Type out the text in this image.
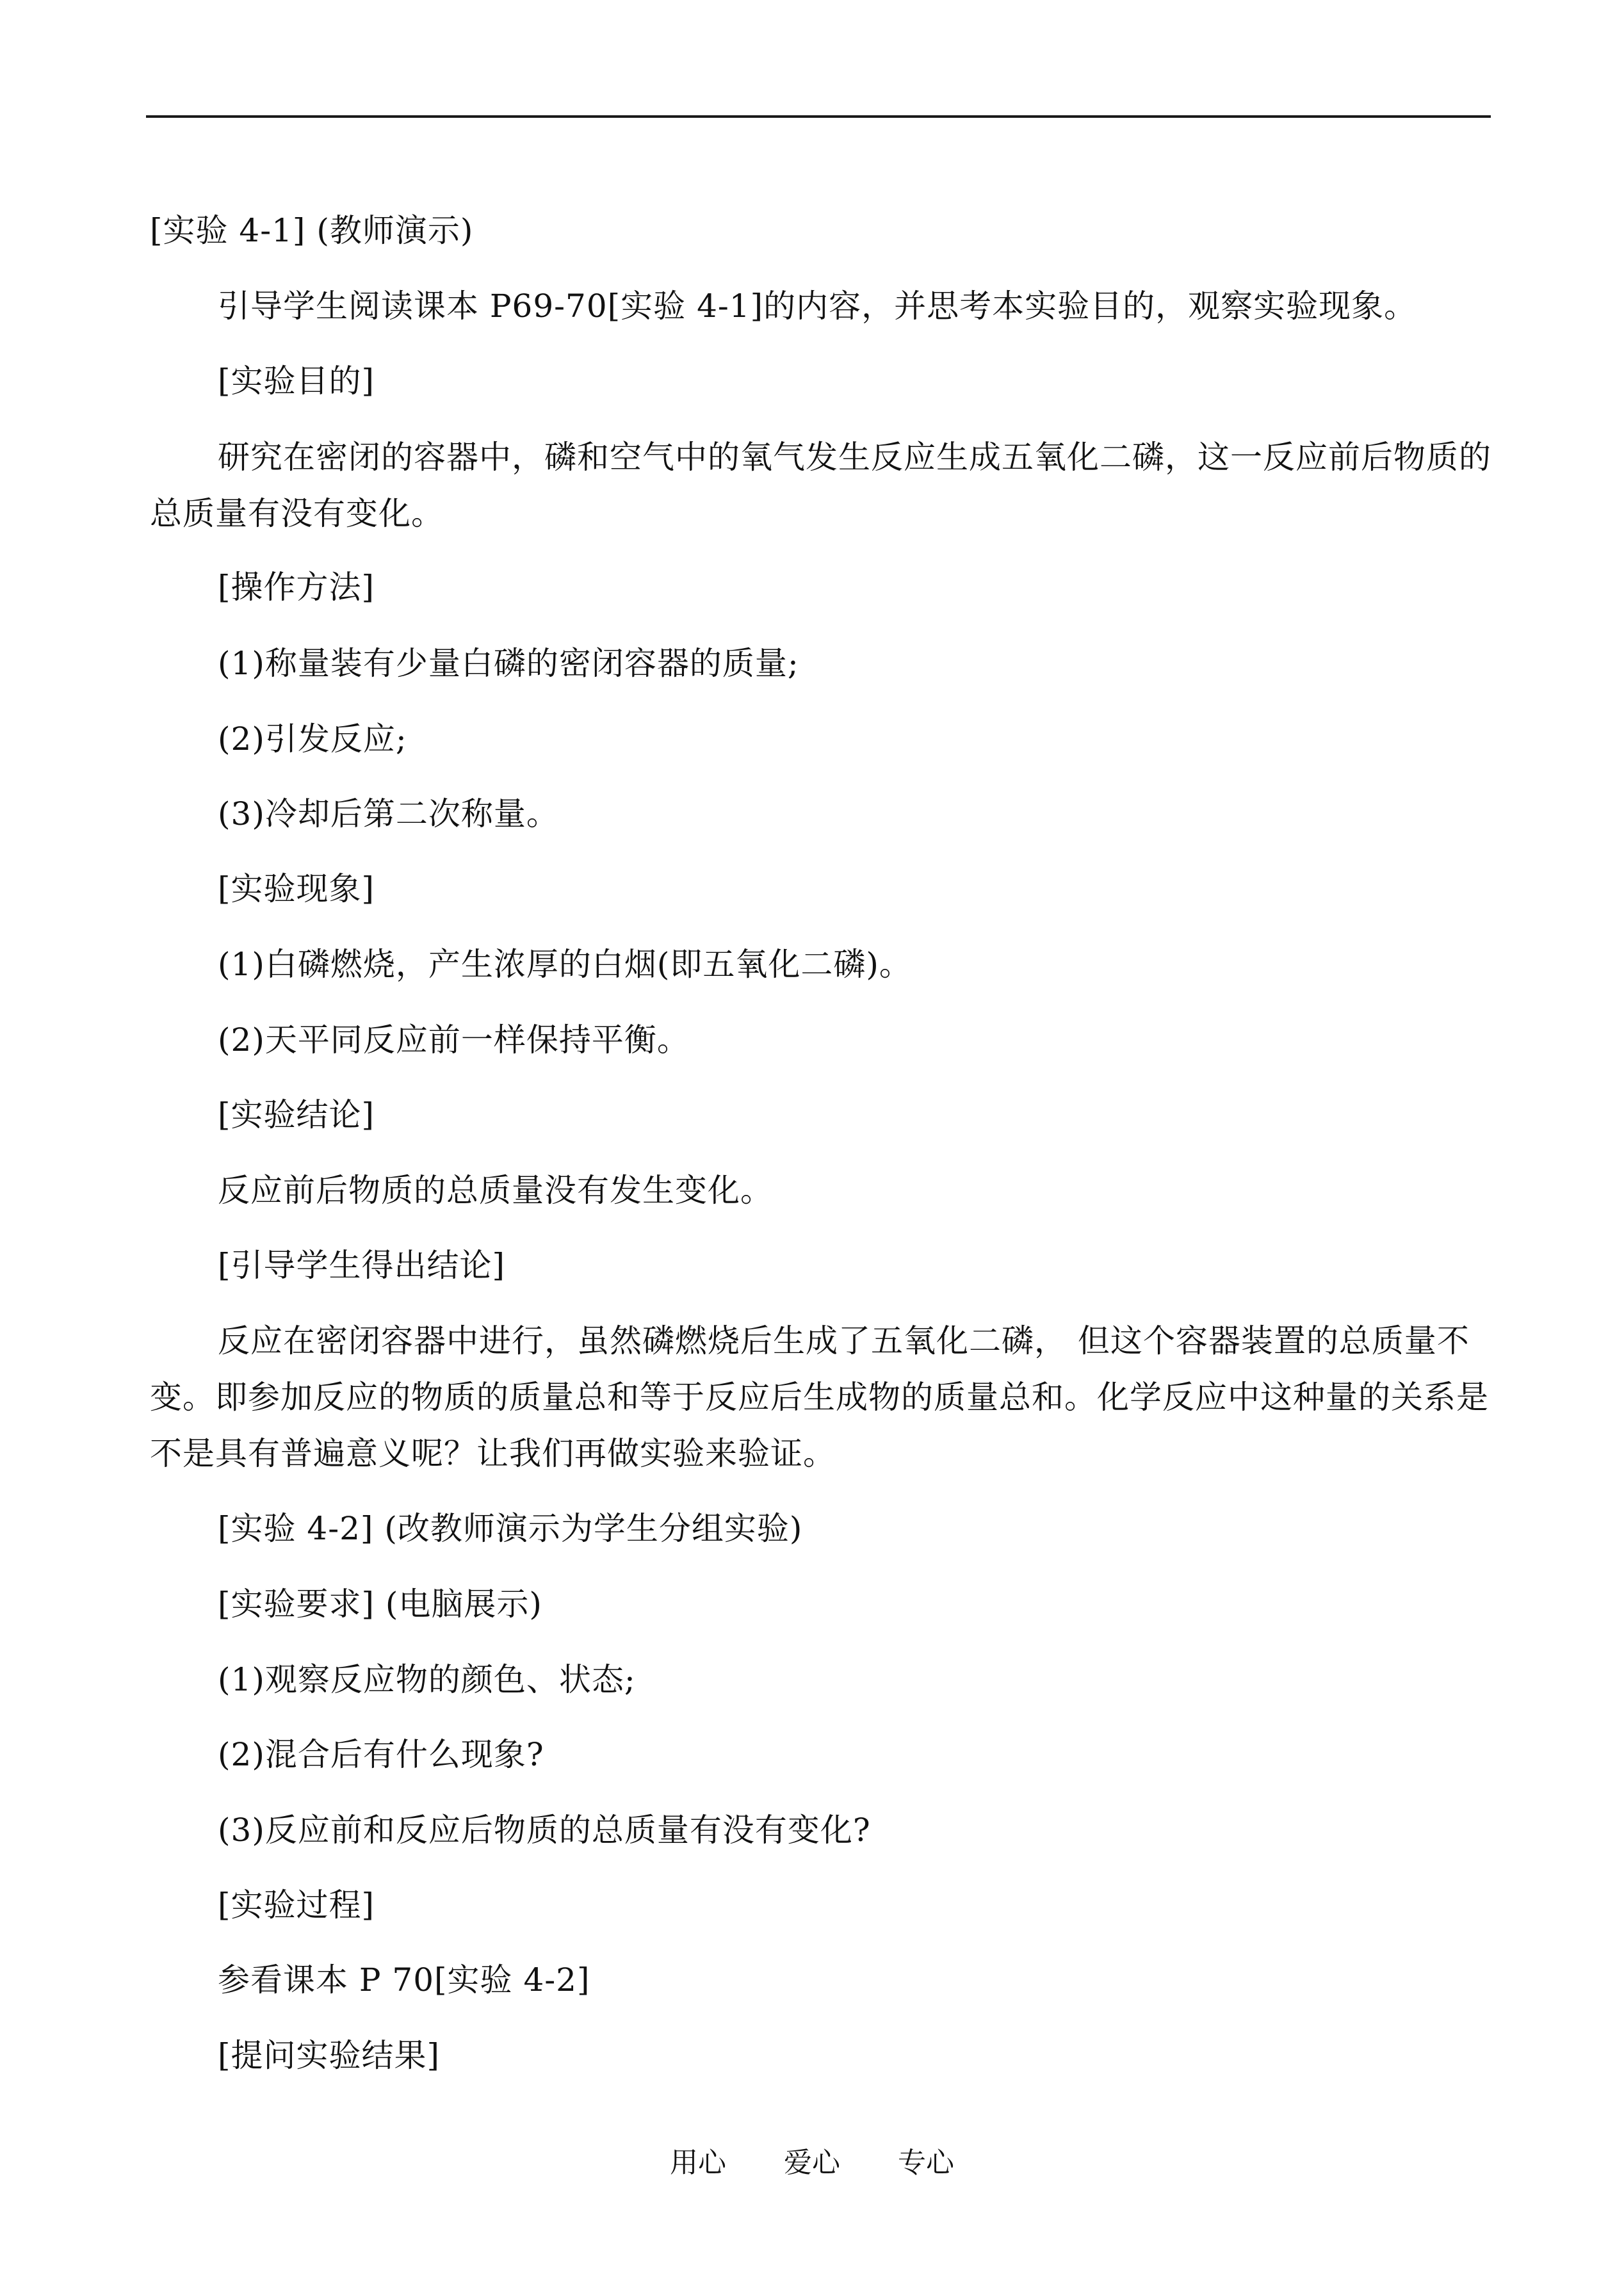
[实验 4-1] (教师演示)
引导学生阅读课本 P69-70[实验 4-1]的内容，并思考本实验目的，观察实验现象。
[实验目的]
研究在密闭的容器中，磷和空气中的氧气发生反应生成五氧化二磷，这一反应前后物质的
总质量有没有变化。
[操作方法]
(1)称量装有少量白磷的密闭容器的质量;
(2)引发反应;
(3)冷却后第二次称量。
[实验现象]
(1)白磷燃烧，产生浓厚的白烟(即五氧化二磷)。
(2)天平同反应前一样保持平衡。
[实验结论]
反应前后物质的总质量没有发生变化。
[引导学生得出结论]
反应在密闭容器中进行，虽然磷燃烧后生成了五氧化二磷， 但这个容器装置的总质量不
变。即参加反应的物质的质量总和等于反应后生成物的质量总和。化学反应中这种量的关系是
不是具有普遍意义呢？让我们再做实验来验证。
[实验 4-2] (改教师演示为学生分组实验)
[实验要求] (电脑展示)
(1)观察反应物的颜色、状态;
(2)混合后有什么现象?
(3)反应前和反应后物质的总质量有没有变化?
[实验过程]
参看课本 P 70[实验 4-2]
[提问实验结果]
用心 爱心 专心
